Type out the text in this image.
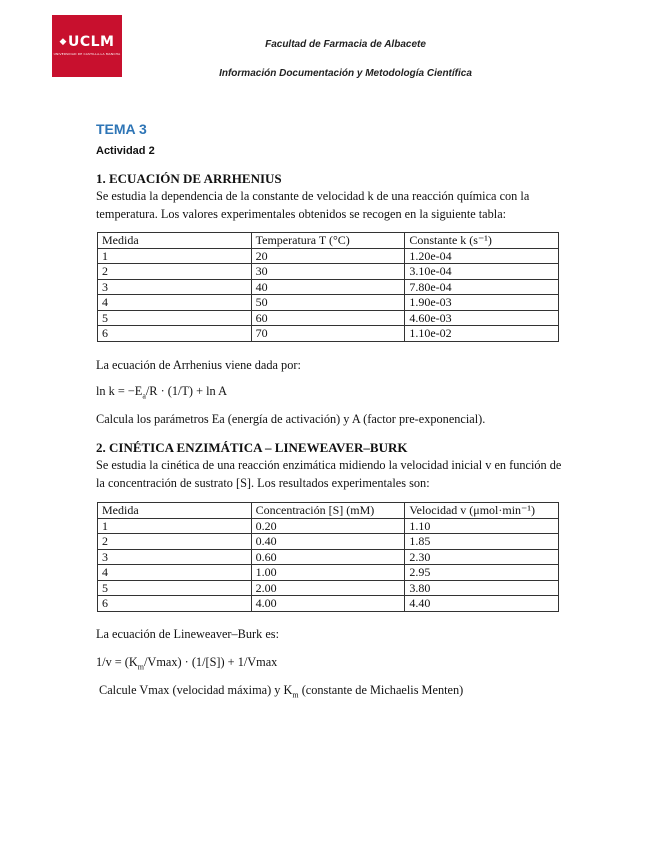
◆ UCLM
UNIVERSIDAD DE CASTILLA-LA MANCHA
Facultad de Farmacia de Albacete
Información Documentación y Metodología Científica
TEMA 3
Actividad 2
1. ECUACIÓN DE ARRHENIUS

Se estudia la dependencia de la constante de velocidad k de una reacción química con la temperatura. Los valores experimentales obtenidos se recogen en la siguiente tabla:

Medida	Temperatura T (°C)	Constante k (s⁻¹)
1	20	1.20e-04
2	30	3.10e-04
3	40	7.80e-04
4	50	1.90e-03
5	60	4.60e-03
6	70	1.10e-02

La ecuación de Arrhenius viene dada por:

$\ln k = -E_a/R \cdot (1/T) + \ln A$

Calcula los parámetros Ea (energía de activación) y A (factor pre-exponencial).

2. CINÉTICA ENZIMÁTICA – LINEWEAVER–BURK

Se estudia la cinética de una reacción enzimática midiendo la velocidad inicial v en función de la concentración de sustrato [S]. Los resultados experimentales son:

Medida	Concentración [S] (mM)	Velocidad v (μmol·min⁻¹)
1	0.20	1.10
2	0.40	1.85
3	0.60	2.30
4	1.00	2.95
5	2.00	3.80
6	4.00	4.40

La ecuación de Lineweaver–Burk es:

$1/v = (K_m/Vmax) \cdot (1/[S]) + 1/Vmax$

Calcule Vmax (velocidad máxima) y $K_m$ (constante de Michaelis Menten)
